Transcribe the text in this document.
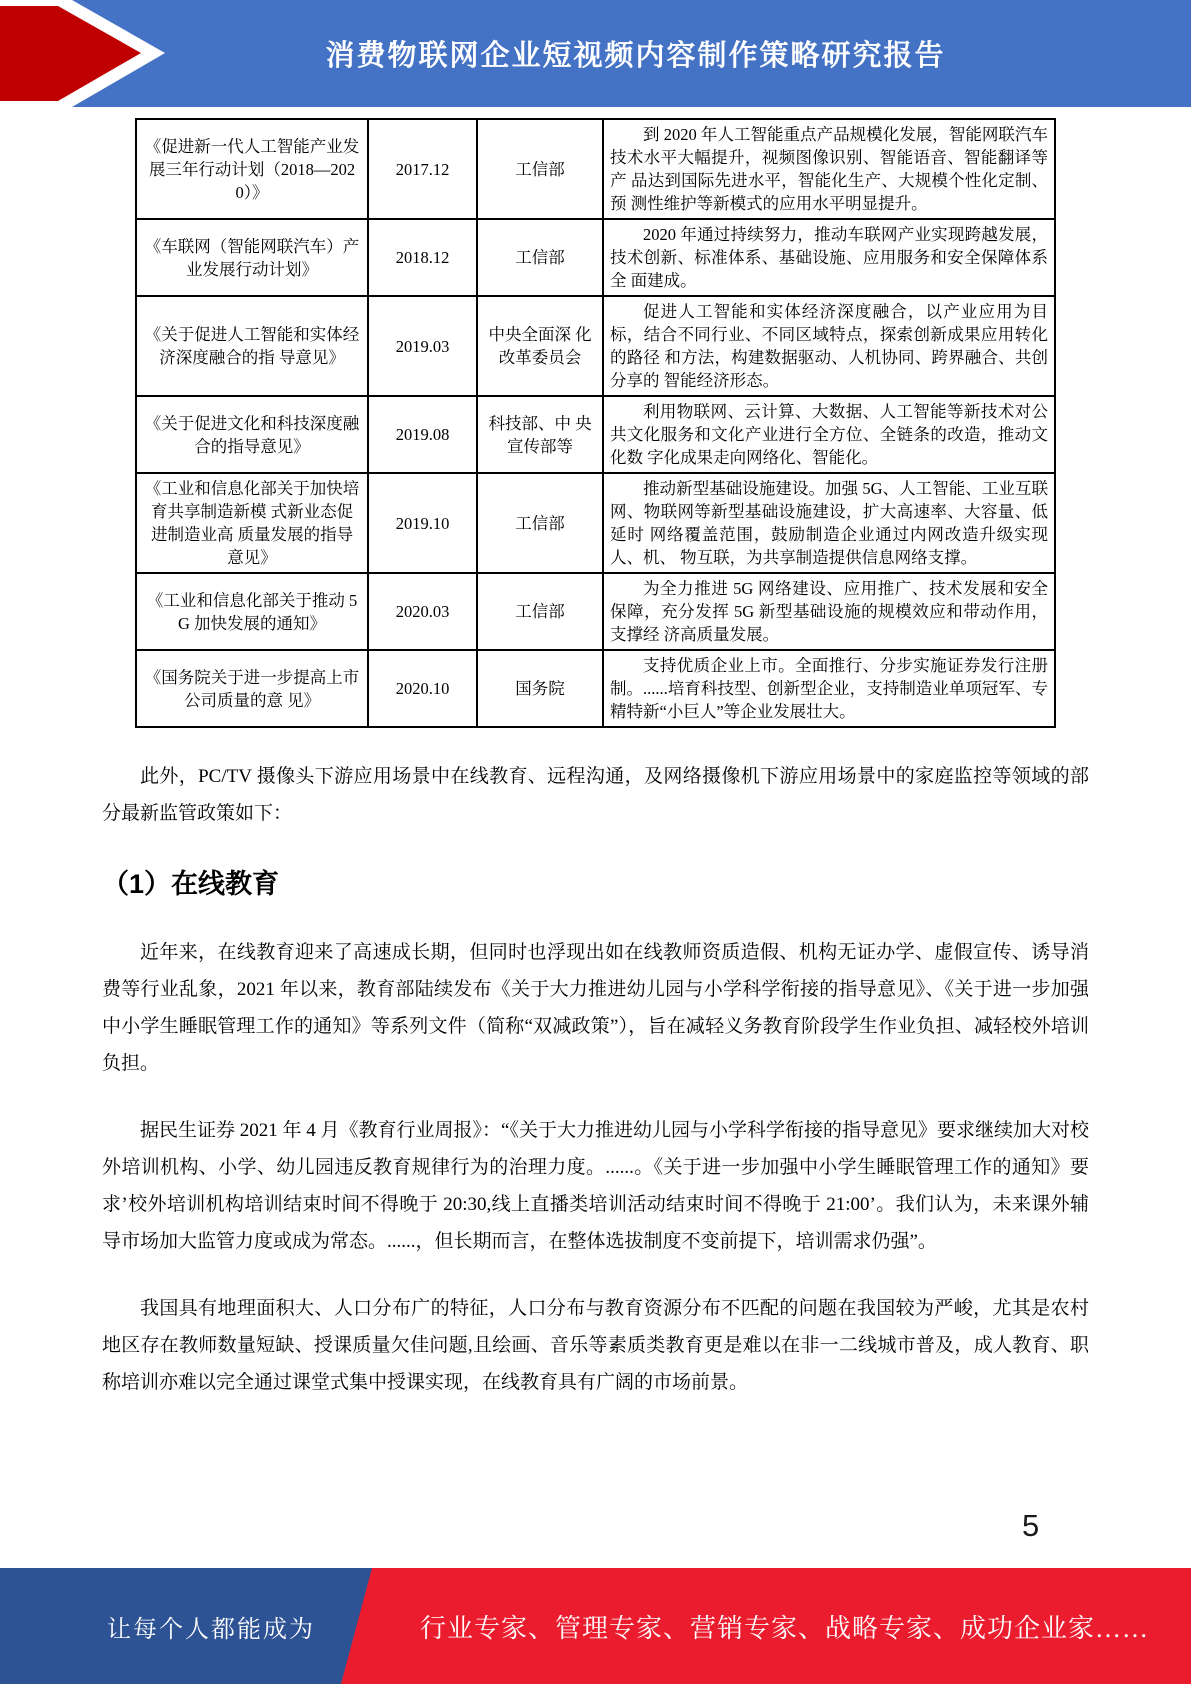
消费物联网企业短视频内容制作策略研究报告
《促进新一代人工智能产业发展三年行动计划（2018—2020）》	2017.12	工信部	到 2020 年人工智能重点产品规模化发展，智能网联汽车技术水平大幅提升，视频图像识别、智能语音、智能翻译等产 品达到国际先进水平，智能化生产、大规模个性化定制、预 测性维护等新模式的应用水平明显提升。
《车联网（智能网联汽车）产业发展行动计划》	2018.12	工信部	2020 年通过持续努力，推动车联网产业实现跨越发展，技术创新、标准体系、基础设施、应用服务和安全保障体系全 面建成。
《关于促进人工智能和实体经济深度融合的指 导意见》	2019.03	中央全面深 化改革委员会	促进人工智能和实体经济深度融合，以产业应用为目标，结合不同行业、不同区域特点，探索创新成果应用转化的路径 和方法，构建数据驱动、人机协同、跨界融合、共创分享的 智能经济形态。
《关于促进文化和科技深度融合的指导意见》	2019.08	科技部、中 央宣传部等	利用物联网、云计算、大数据、人工智能等新技术对公共文化服务和文化产业进行全方位、全链条的改造，推动文化数 字化成果走向网络化、智能化。
《工业和信息化部关于加快培育共享制造新模 式新业态促进制造业高 质量发展的指导意见》	2019.10	工信部	推动新型基础设施建设。加强 5G、人工智能、工业互联网、物联网等新型基础设施建设，扩大高速率、大容量、低延时 网络覆盖范围，鼓励制造企业通过内网改造升级实现人、机、 物互联，为共享制造提供信息网络支撑。
《工业和信息化部关于推动 5G 加快发展的通知》	2020.03	工信部	为全力推进 5G 网络建设、应用推广、技术发展和安全保障，充分发挥 5G 新型基础设施的规模效应和带动作用，支撑经 济高质量发展。
《国务院关于进一步提高上市公司质量的意 见》	2020.10	国务院	支持优质企业上市。全面推行、分步实施证券发行注册制。......培育科技型、创新型企业，支持制造业单项冠军、专精特新“小巨人”等企业发展壮大。

此外，PC/TV 摄像头下游应用场景中在线教育、远程沟通，及网络摄像机下游应用场景中的家庭监控等领域的部分最新监管政策如下：

（1）在线教育

近年来，在线教育迎来了高速成长期，但同时也浮现出如在线教师资质造假、机构无证办学、虚假宣传、诱导消费等行业乱象，2021 年以来，教育部陆续发布《关于大力推进幼儿园与小学科学衔接的指导意见》、《关于进一步加强中小学生睡眠管理工作的通知》等系列文件（简称“双减政策”），旨在减轻义务教育阶段学生作业负担、减轻校外培训负担。

据民生证券 2021 年 4 月《教育行业周报》：“《关于大力推进幼儿园与小学科学衔接的指导意见》要求继续加大对校外培训机构、小学、幼儿园违反教育规律行为的治理力度。......。《关于进一步加强中小学生睡眠管理工作的通知》要求’校外培训机构培训结束时间不得晚于 20:30,线上直播类培训活动结束时间不得晚于 21:00’。我们认为，未来课外辅导市场加大监管力度或成为常态。......，但长期而言，在整体选拔制度不变前提下，培训需求仍强”。

我国具有地理面积大、人口分布广的特征，人口分布与教育资源分布不匹配的问题在我国较为严峻，尤其是农村地区存在教师数量短缺、授课质量欠佳问题,且绘画、音乐等素质类教育更是难以在非一二线城市普及，成人教育、职称培训亦难以完全通过课堂式集中授课实现，在线教育具有广阔的市场前景。

5
让每个人都能成为	行业专家、管理专家、营销专家、战略专家、成功企业家……
